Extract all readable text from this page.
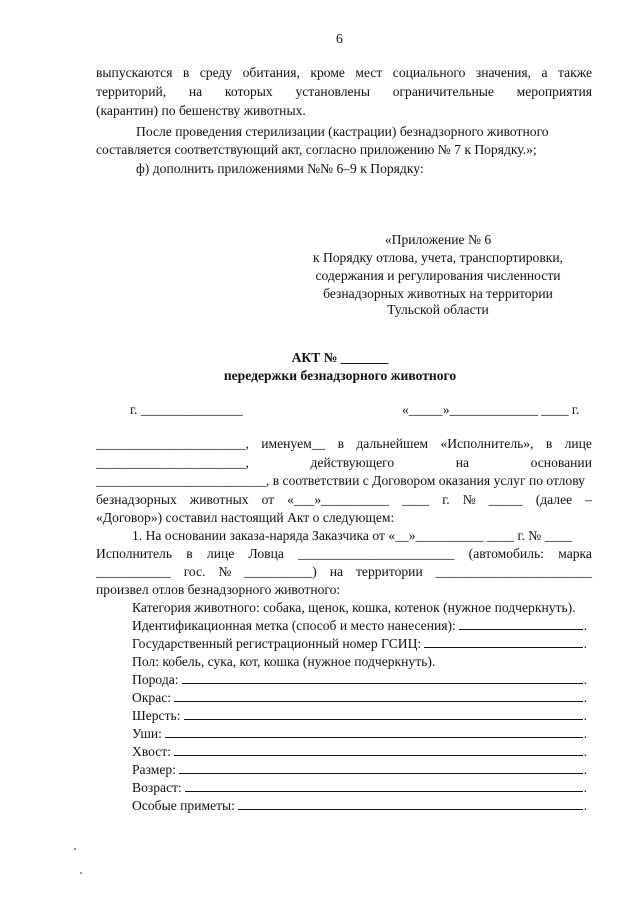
6
выпускаются в среду обитания, кроме мест социального значения, а также
территорий, на которых установлены ограничительные мероприятия
(карантин) по бешенству животных.
После проведения стерилизации (кастрации) безнадзорного животного
составляется соответствующий акт, согласно приложению № 7 к Порядку.»;
ф) дополнить приложениями №№ 6–9 к Порядку:
«Приложение № 6
к Порядку отлова, учета, транспортировки,
содержания и регулирования численности
безнадзорных животных на территории
Тульской области
АКТ № _______
передержки безнадзорного животного
г. _______________	«_____»_____________ ____ г.
______________________, именуем__ в дальнейшем «Исполнитель», в лице
______________________,	действующего	на	основании
_________________________, в соответствии с Договором оказания услуг по отлову
безнадзорных животных от «___»__________ ____ г. № _____ (далее –
«Договор») составил настоящий Акт о следующем:
1. На основании заказа-наряда Заказчика от «__»__________ ____ г. № ____
Исполнитель в лице Ловца _______________________ (автомобиль: марка
___________ гос. № __________) на территории _______________________
произвел отлов безнадзорного животного:
Категория животного: собака, щенок, кошка, котенок (нужное подчеркнуть).
Идентификационная метка (способ и место нанесения):	.
Государственный регистрационный номер ГСИЦ:	.
Пол: кобель, сука, кот, кошка (нужное подчеркнуть).
Порода:	.
Окрас:	.
Шерсть:	.
Уши:	.
Хвост:	.
Размер:	.
Возраст:	.
Особые приметы:	.
